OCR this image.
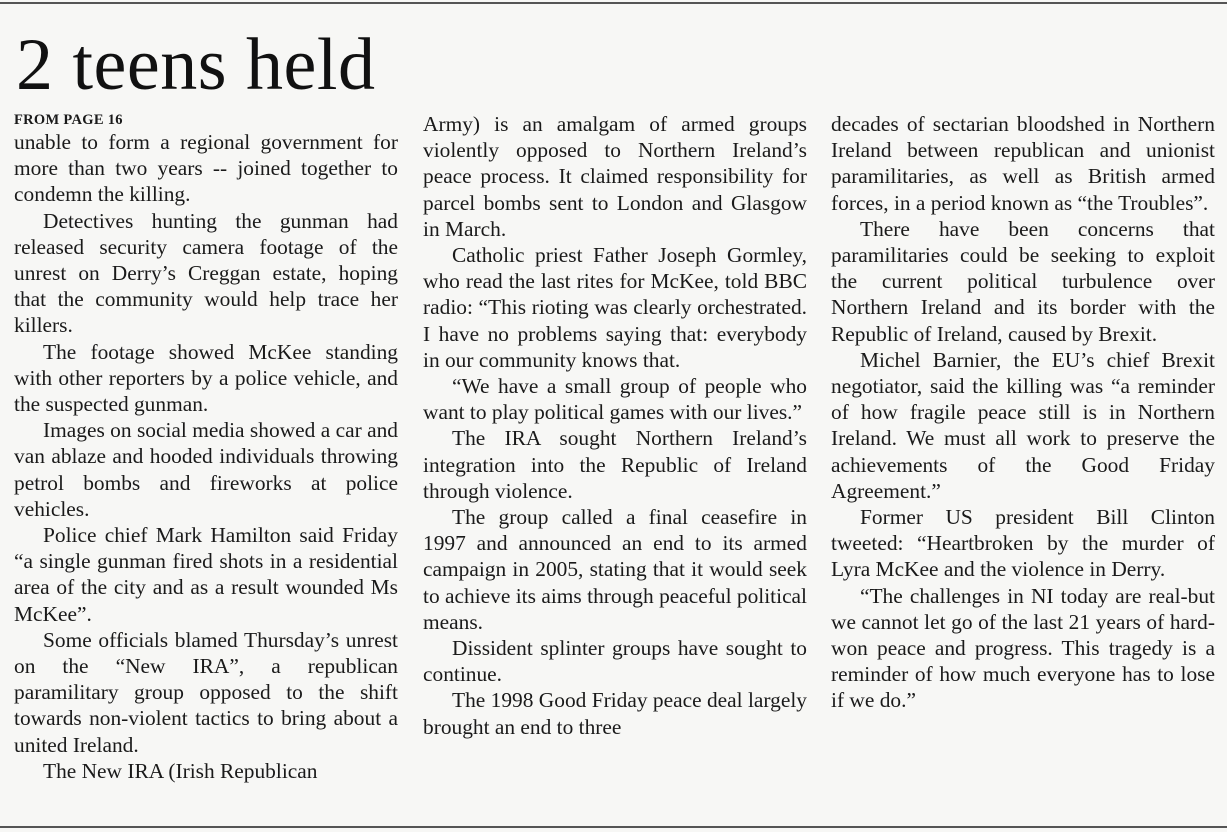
2 teens held
FROM PAGE 16

unable to form a regional government for more than two years -- joined together to condemn the killing.

Detectives hunting the gunman had released security camera footage of the unrest on Derry’s Creggan estate, hoping that the community would help trace her killers.

The footage showed McKee standing with other reporters by a police vehicle, and the suspected gunman.

Images on social media showed a car and van ablaze and hooded individuals throwing petrol bombs and fireworks at police vehicles.

Police chief Mark Hamilton said Friday “a single gunman fired shots in a residential area of the city and as a result wounded Ms McKee”.

Some officials blamed Thursday’s unrest on the “New IRA”, a republican paramilitary group opposed to the shift towards non-violent tactics to bring about a united Ireland.

The New IRA (Irish Republican

Army) is an amalgam of armed groups violently opposed to Northern Ireland’s peace process. It claimed responsibility for parcel bombs sent to London and Glasgow in March.

Catholic priest Father Joseph Gormley, who read the last rites for McKee, told BBC radio: “This rioting was clearly orchestrated. I have no problems saying that: everybody in our community knows that.

“We have a small group of people who want to play political games with our lives.”

The IRA sought Northern Ireland’s integration into the Republic of Ireland through violence.

The group called a final ceasefire in 1997 and announced an end to its armed campaign in 2005, stating that it would seek to achieve its aims through peaceful political means.

Dissident splinter groups have sought to continue.

The 1998 Good Friday peace deal largely brought an end to three

decades of sectarian bloodshed in Northern Ireland between republican and unionist paramilitaries, as well as British armed forces, in a period known as “the Troubles”.

There have been concerns that paramilitaries could be seeking to exploit the current political turbulence over Northern Ireland and its border with the Republic of Ireland, caused by Brexit.

Michel Barnier, the EU’s chief Brexit negotiator, said the killing was “a reminder of how fragile peace still is in Northern Ireland. We must all work to preserve the achievements of the Good Friday Agreement.”

Former US president Bill Clinton tweeted: “Heartbroken by the murder of Lyra McKee and the violence in Derry.

“The challenges in NI today are real-but we cannot let go of the last 21 years of hard-won peace and progress. This tragedy is a reminder of how much everyone has to lose if we do.”
